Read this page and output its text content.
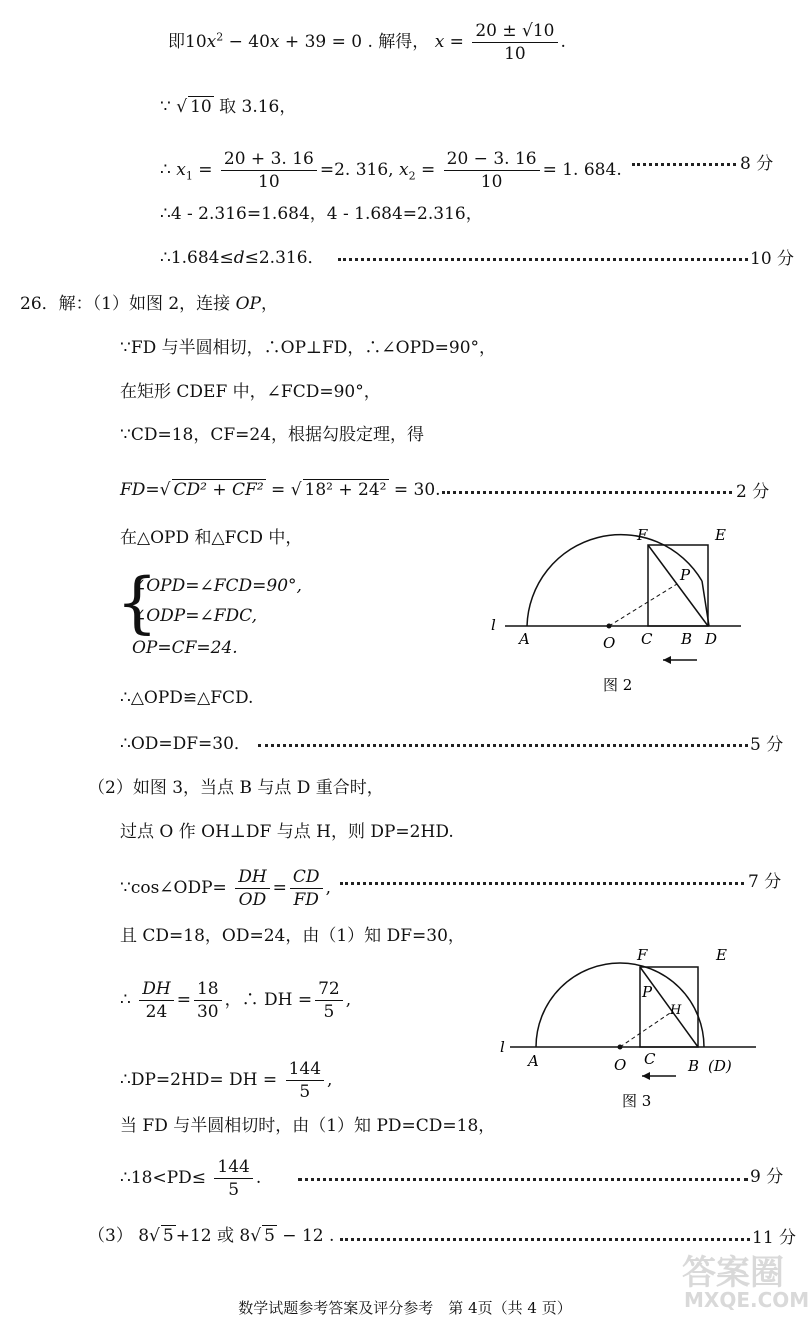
即$10x^2 - 40x + 39 = 0$ . 解得， $x = \frac{20 \pm √10}{10}$ .
∵ √ 10 取 3.16，
∴ $x_1 = \frac{20 + 3. 16}{10} =2$. 316, $x_2 = \frac{20 - 3. 16}{10} = 1$. 684.	8 分
∴4 - 2.316=1.684，4 - 1.684=2.316，
∴1.684≤d≤2.316．	10 分
26．解：（1）如图 2，连接 OP，
∵FD 与半圆相切，∴OP⊥FD，∴∠OPD=90°，
在矩形 CDEF 中，∠FCD=90°，
∵CD=18，CF=24，根据勾股定理，得
FD=√ CD² + CF² = √ 18² + 24² = 30.	2 分
在△OPD 和△FCD 中，
{
∠OPD=∠FCD=90°,
∠ODP=∠FDC,
OP=CF=24.
∴△OPD≌△FCD.
∴OD=DF=30．	5 分
F	E
P
l
A	O C B D
图 2
（2）如图 3，当点 B 与点 D 重合时，
过点 O 作 OH⊥DF 与点 H，则 DP=2HD.
∵cos∠ODP= $\frac{DH}{OD} = \frac{CD}{FD}$ ,	7 分
且 CD=18，OD=24，由（1）知 DF=30，
∴ $\frac{DH}{24} = \frac{18}{30}$ ，∴ DH = $\frac{72}{5}$ ,
∴DP=2HD= DH = $\frac{144}{5}$ ,
当 FD 与半圆相切时，由（1）知 PD=CD=18，
∴18<PD≤ $\frac{144}{5}$ .	9 分
F	E
P
H
l
A	O C B (D)
图 3
（3） 8√ 5 +12 或 8√ 5 − 12 .	11 分
答案圈
MXQE.COM
数学试题参考答案及评分参考　第 4页（共 4 页）
